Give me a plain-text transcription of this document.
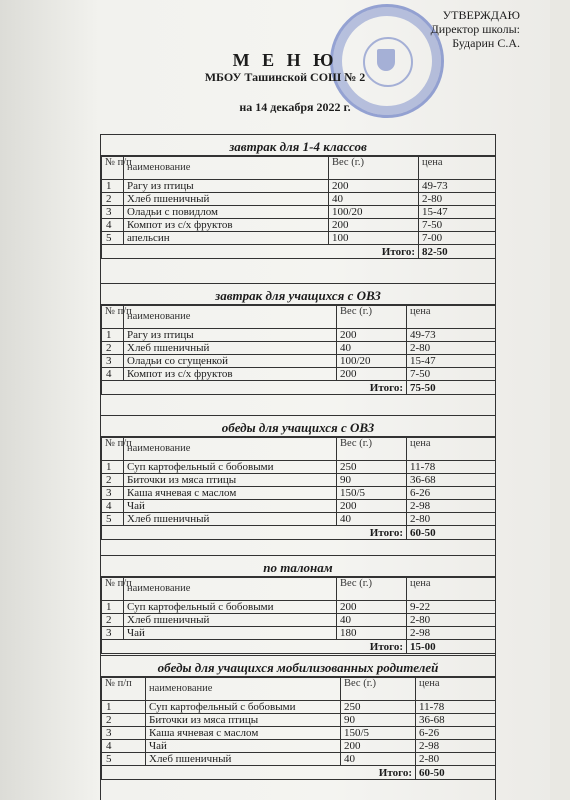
УТВЕРЖДАЮ
Директор школы:
Бударин С.А.
М Е Н Ю
МБОУ Ташинской СОШ № 2
на 14 декабря 2022 г.
завтрак для 1-4 классов
№ п/п	наименование	Вес (г.)	цена
1	Рагу из птицы	200	49-73
2	Хлеб пшеничный	40	2-80
3	Оладьи с повидлом	100/20	15-47
4	Компот из с/х фруктов	200	7-50
5	апельсин	100	7-00
Итого:			82-50
завтрак для учащихся с ОВЗ
№ п/п	наименование	Вес (г.)	цена
1	Рагу из птицы	200	49-73
2	Хлеб пшеничный	40	2-80
3	Оладьи со сгущенкой	100/20	15-47
4	Компот из с/х фруктов	200	7-50
Итого:			75-50
обеды для учащихся с ОВЗ
№ п/п	наименование	Вес (г.)	цена
1	Суп картофельный с бобовыми	250	11-78
2	Биточки из мяса птицы	90	36-68
3	Каша ячневая с маслом	150/5	6-26
4	Чай	200	2-98
5	Хлеб пшеничный	40	2-80
Итого:			60-50
по талонам
№ п/п	наименование	Вес (г.)	цена
1	Суп картофельный с бобовыми	200	9-22
2	Хлеб пшеничный	40	2-80
3	Чай	180	2-98
Итого:			15-00
обеды для учащихся мобилизованных родителей
№ п/п	наименование	Вес (г.)	цена
1	Суп картофельный с бобовыми	250	11-78
2	Биточки из мяса птицы	90	36-68
3	Каша ячневая с маслом	150/5	6-26
4	Чай	200	2-98
5	Хлеб пшеничный	40	2-80
Итого:			60-50
